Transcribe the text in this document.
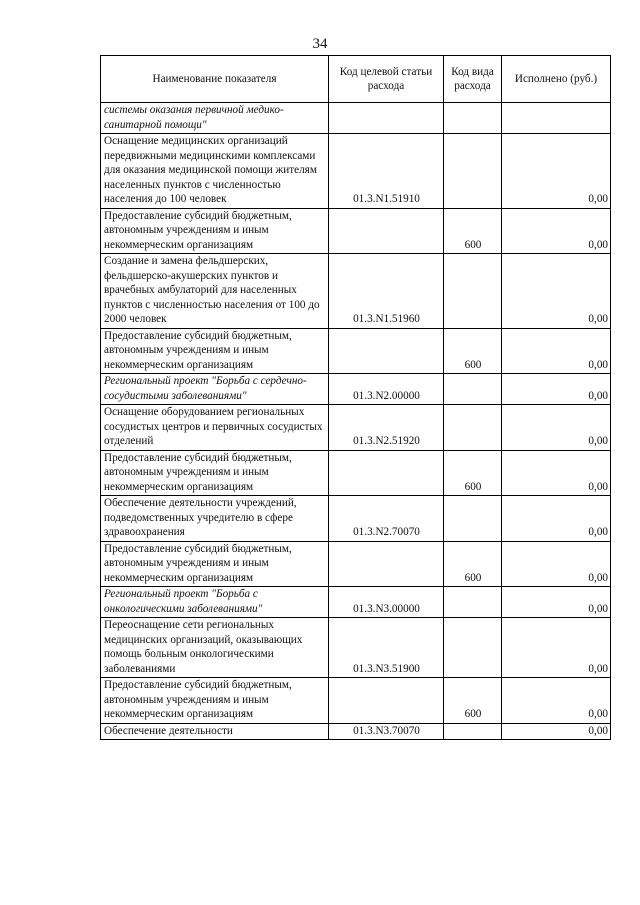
34
Наименование показателя	Код целевой статьи расхода	Код вида расхода	Исполнено (руб.)
системы оказания первичной медико-санитарной помощи"			
Оснащение медицинских организаций передвижными медицинскими комплексами для оказания медицинской помощи жителям населенных пунктов с численностью населения до 100 человек	01.3.N1.51910		0,00
Предоставление субсидий бюджетным, автономным учреждениям и иным некоммерческим организациям		600	0,00
Создание и замена фельдшерских, фельдшерско-акушерских пунктов и врачебных амбулаторий для населенных пунктов с численностью населения от 100 до 2000 человек	01.3.N1.51960		0,00
Предоставление субсидий бюджетным, автономным учреждениям и иным некоммерческим организациям		600	0,00
Региональный проект "Борьба с сердечно-сосудистыми заболеваниями"	01.3.N2.00000		0,00
Оснащение оборудованием региональных сосудистых центров и первичных сосудистых отделений	01.3.N2.51920		0,00
Предоставление субсидий бюджетным, автономным учреждениям и иным некоммерческим организациям		600	0,00
Обеспечение деятельности учреждений, подведомственных учредителю в сфере здравоохранения	01.3.N2.70070		0,00
Предоставление субсидий бюджетным, автономным учреждениям и иным некоммерческим организациям		600	0,00
Региональный проект "Борьба с онкологическими заболеваниями"	01.3.N3.00000		0,00
Переоснащение сети региональных медицинских организаций, оказывающих помощь больным онкологическими заболеваниями	01.3.N3.51900		0,00
Предоставление субсидий бюджетным, автономным учреждениям и иным некоммерческим организациям		600	0,00
Обеспечение деятельности	01.3.N3.70070		0,00
